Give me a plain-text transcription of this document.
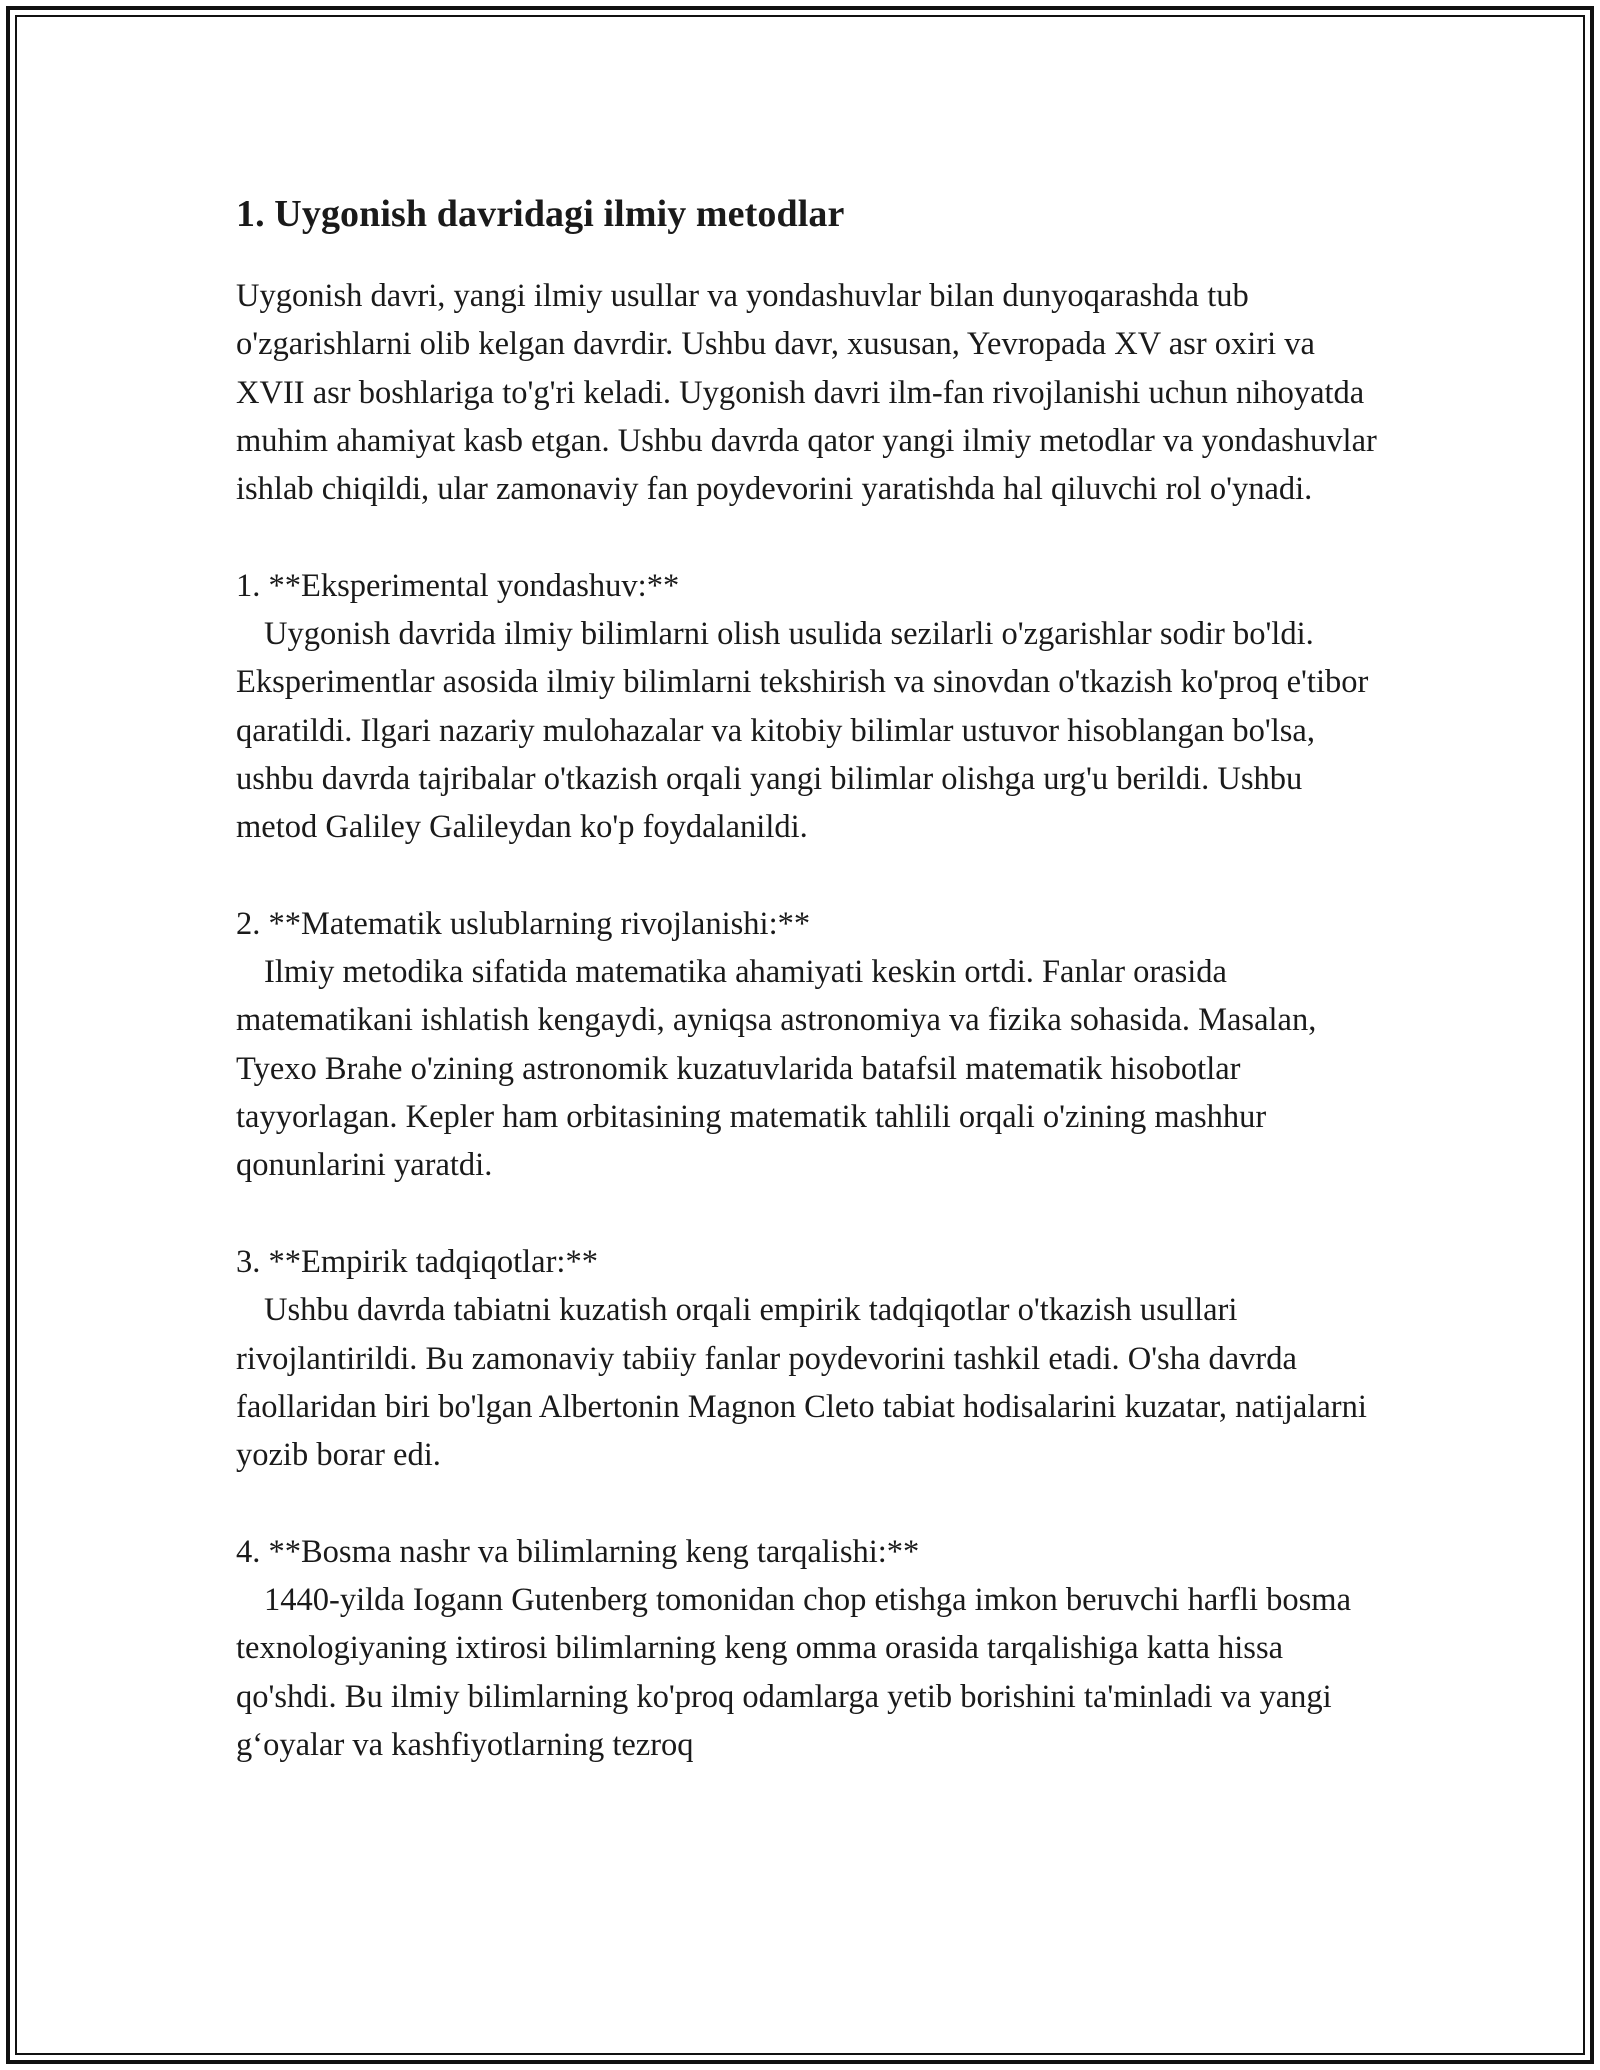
1. Uygonish davridagi ilmiy metodlar

Uygonish davri, yangi ilmiy usullar va yondashuvlar bilan dunyoqarashda tub o'zgarishlarni olib kelgan davrdir. Ushbu davr, xususan, Yevropada XV asr oxiri va XVII asr boshlariga to'g'ri keladi. Uygonish davri ilm-fan rivojlanishi uchun nihoyatda muhim ahamiyat kasb etgan. Ushbu davrda qator yangi ilmiy metodlar va yondashuvlar ishlab chiqildi, ular zamonaviy fan poydevorini yaratishda hal qiluvchi rol o'ynadi.

1. **Eksperimental yondashuv:**

Uygonish davrida ilmiy bilimlarni olish usulida sezilarli o'zgarishlar sodir bo'ldi. Eksperimentlar asosida ilmiy bilimlarni tekshirish va sinovdan o'tkazish ko'proq e'tibor qaratildi. Ilgari nazariy mulohazalar va kitobiy bilimlar ustuvor hisoblangan bo'lsa, ushbu davrda tajribalar o'tkazish orqali yangi bilimlar olishga urg'u berildi. Ushbu metod Galiley Galileydan ko'p foydalanildi.

2. **Matematik uslublarning rivojlanishi:**

Ilmiy metodika sifatida matematika ahamiyati keskin ortdi. Fanlar orasida matematikani ishlatish kengaydi, ayniqsa astronomiya va fizika sohasida. Masalan, Tyexo Brahe o'zining astronomik kuzatuvlarida batafsil matematik hisobotlar tayyorlagan. Kepler ham orbitasining matematik tahlili orqali o'zining mashhur qonunlarini yaratdi.

3. **Empirik tadqiqotlar:**

Ushbu davrda tabiatni kuzatish orqali empirik tadqiqotlar o'tkazish usullari rivojlantirildi. Bu zamonaviy tabiiy fanlar poydevorini tashkil etadi. O'sha davrda faollaridan biri bo'lgan Albertonin Magnon Cleto tabiat hodisalarini kuzatar, natijalarni yozib borar edi.

4. **Bosma nashr va bilimlarning keng tarqalishi:**

1440-yilda Iogann Gutenberg tomonidan chop etishga imkon beruvchi harfli bosma texnologiyaning ixtirosi bilimlarning keng omma orasida tarqalishiga katta hissa qo'shdi. Bu ilmiy bilimlarning ko'proq odamlarga yetib borishini ta'minladi va yangi g‘oyalar va kashfiyotlarning tezroq
